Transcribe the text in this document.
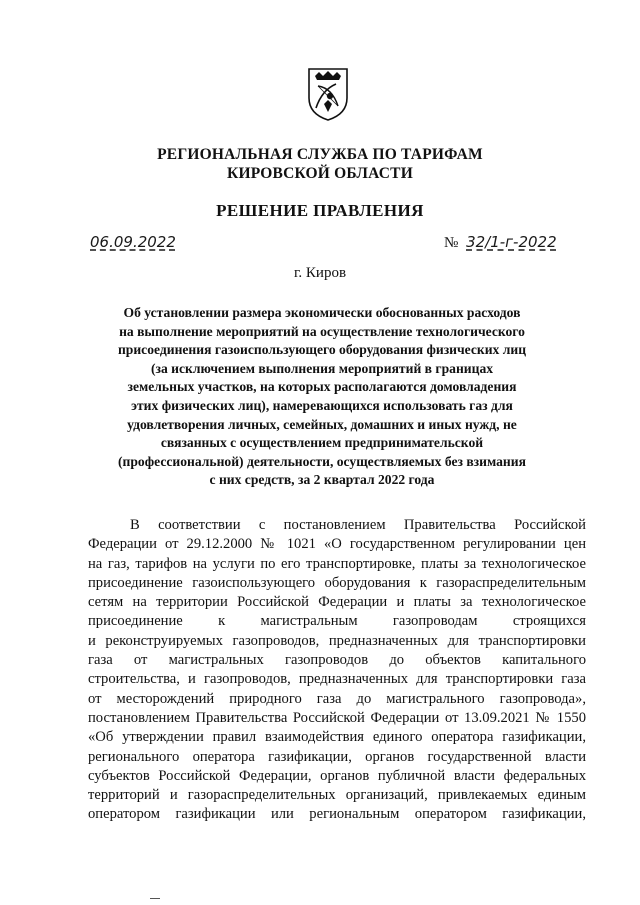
РЕГИОНАЛЬНАЯ СЛУЖБА ПО ТАРИФАМ
КИРОВСКОЙ ОБЛАСТИ
РЕШЕНИЕ ПРАВЛЕНИЯ
06.09.2022	№ 32/1-г-2022
г. Киров
Об установлении размера экономически обоснованных расходов
на выполнение мероприятий на осуществление технологического
присоединения газоиспользующего оборудования физических лиц
(за исключением выполнения мероприятий в границах
земельных участков, на которых располагаются домовладения
этих физических лиц), намеревающихся использовать газ для
удовлетворения личных, семейных, домашних и иных нужд, не
связанных с осуществлением предпринимательской
(профессиональной) деятельности, осуществляемых без взимания
с них средств, за 2 квартал 2022 года
В соответствии с постановлением Правительства Российской
Федерации от 29.12.2000 № 1021 «О государственном регулировании цен
на газ, тарифов на услуги по его транспортировке, платы за технологическое
присоединение газоиспользующего оборудования к газораспределительным
сетям на территории Российской Федерации и платы за технологическое
присоединение к магистральным газопроводам строящихся
и реконструируемых газопроводов, предназначенных для транспортировки
газа от магистральных газопроводов до объектов капитального
строительства, и газопроводов, предназначенных для транспортировки газа
от месторождений природного газа до магистрального газопровода»,
постановлением Правительства Российской Федерации от 13.09.2021 № 1550
«Об утверждении правил взаимодействия единого оператора газификации,
регионального оператора газификации, органов государственной власти
субъектов Российской Федерации, органов публичной власти федеральных
территорий и газораспределительных организаций, привлекаемых единым
оператором газификации или региональным оператором газификации,
